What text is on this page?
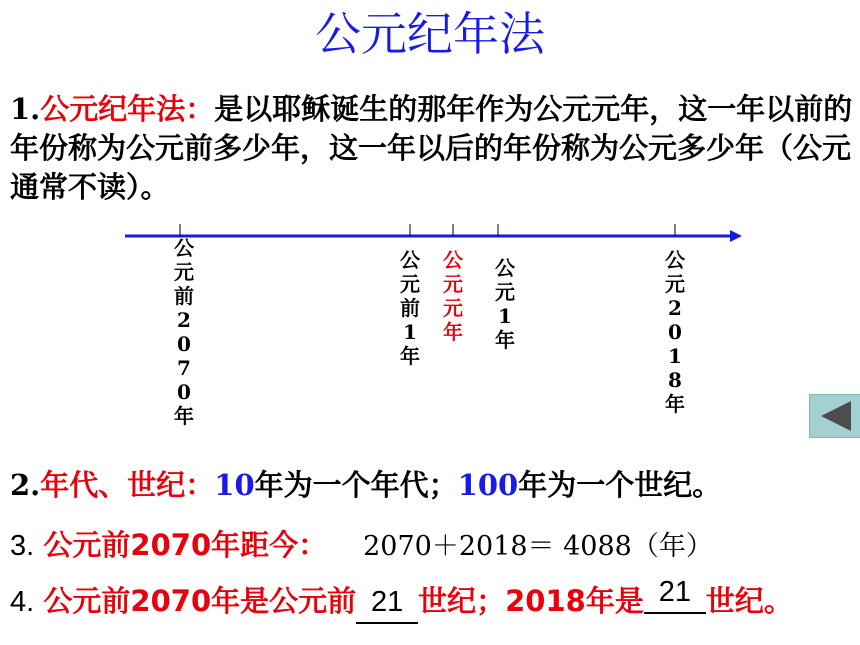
公元纪年法
1.公元纪年法：是以耶稣诞生的那年作为公元元年，这一年以前的年份称为公元前多少年，这一年以后的年份称为公元多少年（公元通常不读）。
公
元
前
2
0
7
0
年
公
元
前
1
年
公
元
元
年
公
元
1
年
公
元
2
0
1
8
年
2.年代、世纪：10年为一个年代；100年为一个世纪。
3. 公元前2070年距今： 2070＋2018＝ 4088（年）
4. 公元前2070年是公元前 21 世纪；2018年是 21 世纪。
